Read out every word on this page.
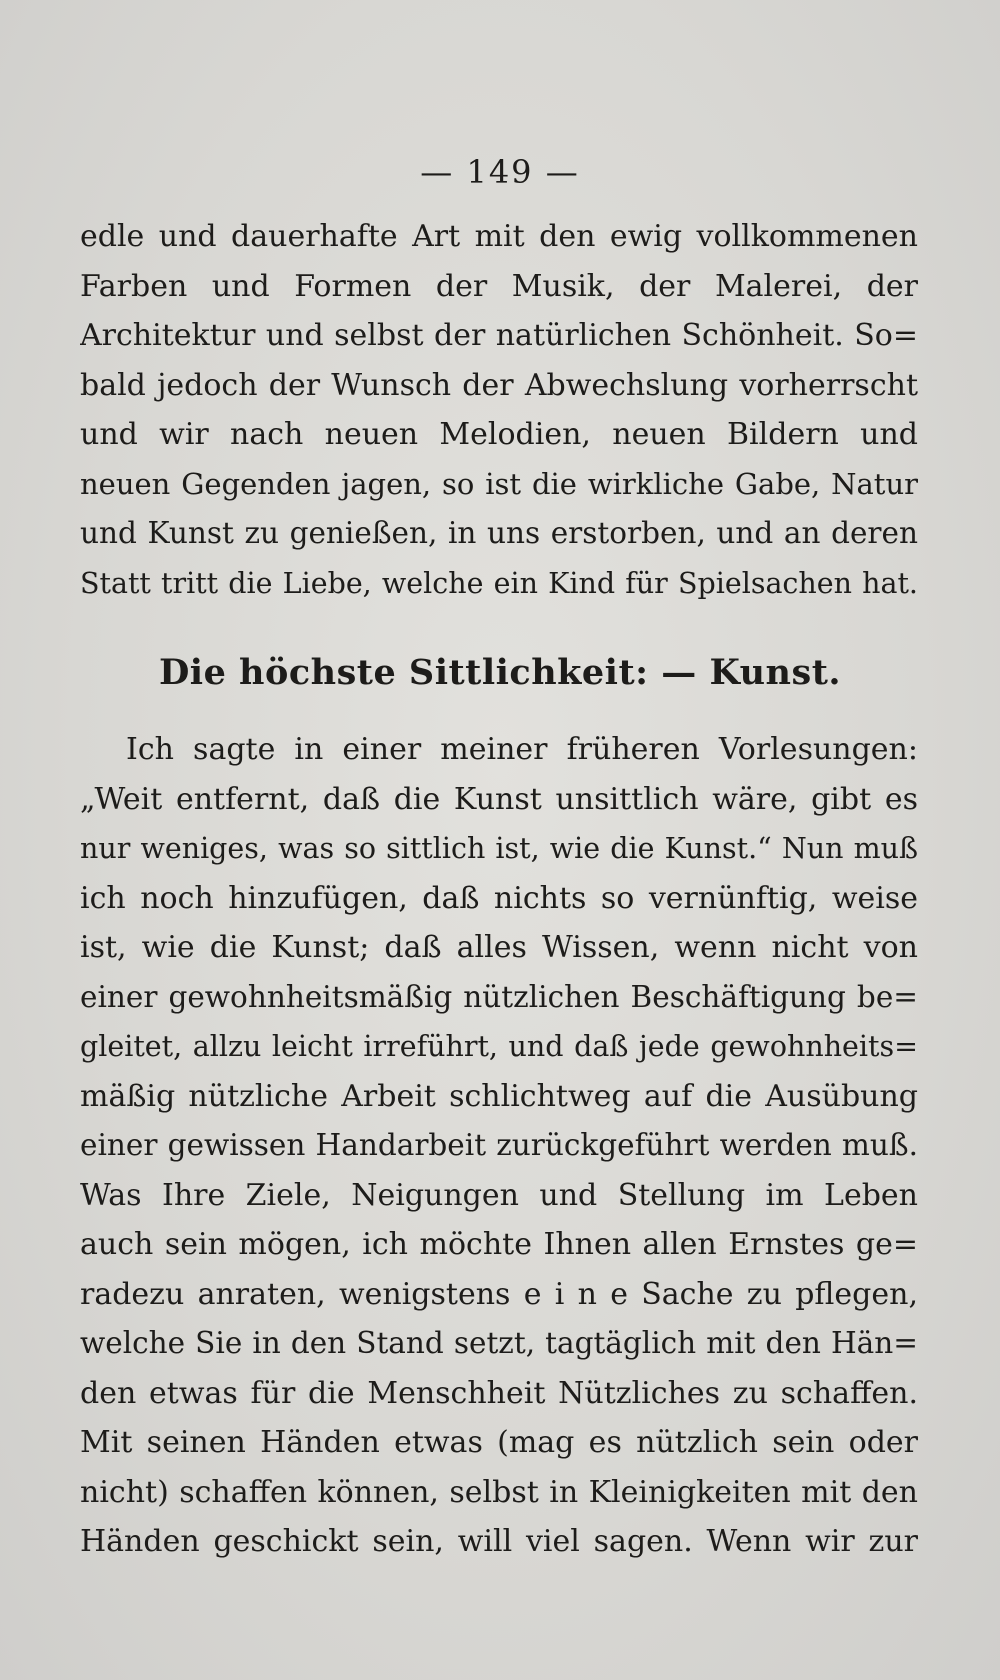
— 149 —
edle und dauerhafte Art mit den ewig vollkommenen
Farben und Formen der Musik, der Malerei, der
Architektur und selbst der natürlichen Schönheit. So=
bald jedoch der Wunsch der Abwechslung vorherrscht
und wir nach neuen Melodien, neuen Bildern und
neuen Gegenden jagen, so ist die wirkliche Gabe, Natur
und Kunst zu genießen, in uns erstorben, und an deren
Statt tritt die Liebe, welche ein Kind für Spielsachen hat.
Die höchste Sittlichkeit: — Kunst.
Ich sagte in einer meiner früheren Vorlesungen:
„Weit entfernt, daß die Kunst unsittlich wäre, gibt es
nur weniges, was so sittlich ist, wie die Kunst.“ Nun muß
ich noch hinzufügen, daß nichts so vernünftig, weise
ist, wie die Kunst; daß alles Wissen, wenn nicht von
einer gewohnheitsmäßig nützlichen Beschäftigung be=
gleitet, allzu leicht irreführt, und daß jede gewohnheits=
mäßig nützliche Arbeit schlichtweg auf die Ausübung
einer gewissen Handarbeit zurückgeführt werden muß.
Was Ihre Ziele, Neigungen und Stellung im Leben
auch sein mögen, ich möchte Ihnen allen Ernstes ge=
radezu anraten, wenigstens e i n e Sache zu pflegen,
welche Sie in den Stand setzt, tagtäglich mit den Hän=
den etwas für die Menschheit Nützliches zu schaffen.
Mit seinen Händen etwas (mag es nützlich sein oder
nicht) schaffen können, selbst in Kleinigkeiten mit den
Händen geschickt sein, will viel sagen. Wenn wir zur
